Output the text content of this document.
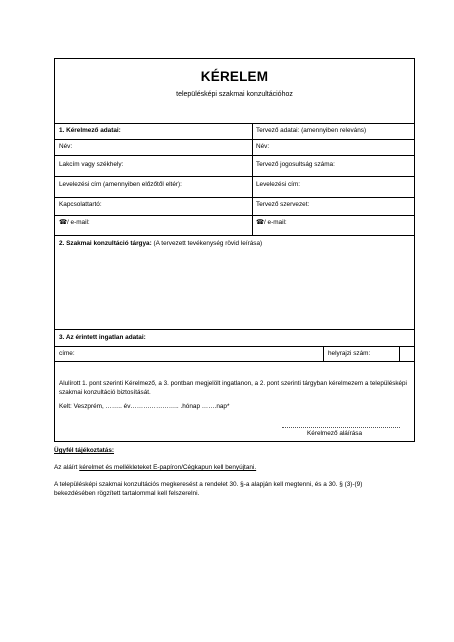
KÉRELEM
településképi szakmai konzultációhoz
1. Kérelmező adatai:	Tervező adatai: (amennyiben releváns)
Név:
Lakcím vagy székhely:
Levelezési cím (amennyiben előzőtől eltér):
Kapcsolattartó:
☎/ e-mail:
Név:
Tervező jogosultság száma:
Levelezési cím:
Tervező szervezet:
☎/ e-mail:
2. Szakmai konzultáció tárgya: (A tervezett tevékenység rövid leírása)
3. Az érintett ingatlan adatai:
címe:	helyrajzi szám:
Alulírott 1. pont szerinti Kérelmező, a 3. pontban megjelölt ingatlanon, a 2. pont szerinti tárgyban kérelmezem a településképi szakmai konzultáció biztosítását.
Kelt: Veszprém, …….. év………………….. .hónap …….nap*
Kérelmező aláírása
Ügyfél tájékoztatás:
Az aláírt kérelmet és mellékleteket E-papíron/Cégkapun kell benyújtani.
A településképi szakmai konzultációs megkeresést a rendelet 30. §-a alapján kell megtenni, és a 30. § (3)-(9) bekezdésében rögzített tartalommal kell felszerelni.
